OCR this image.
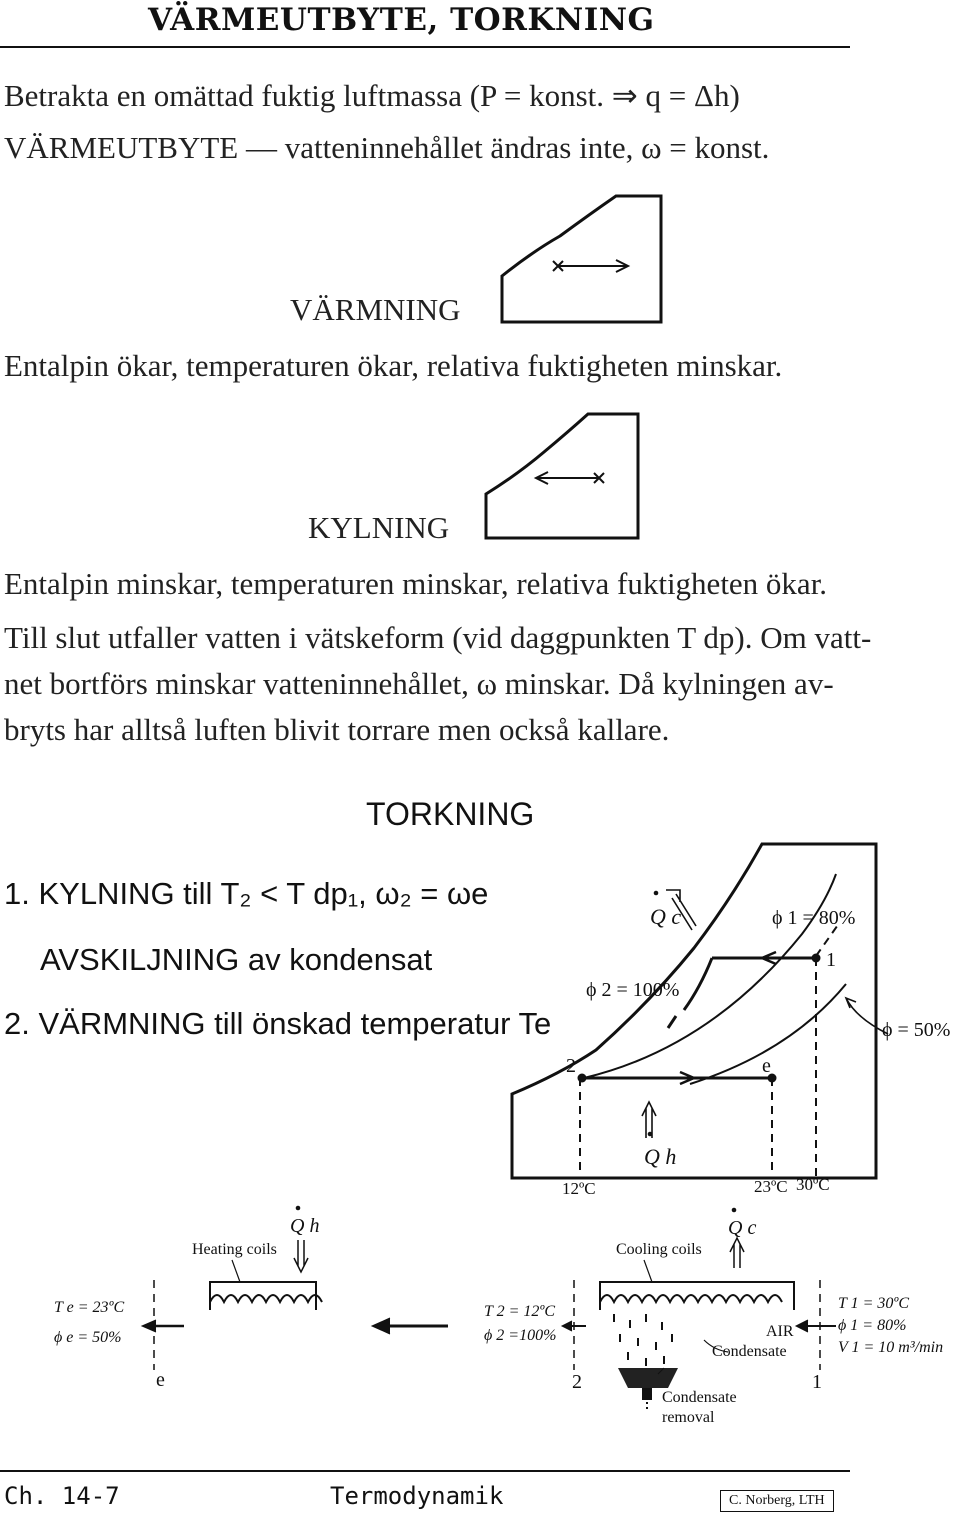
VÄRMEUTBYTE, TORKNING
Betrakta en omättad fuktig luftmassa (P = konst. ⇒ q = Δh)
VÄRMEUTBYTE — vatteninnehållet ändras inte, ω = konst.
VÄRMNING
Entalpin ökar, temperaturen ökar, relativa fuktigheten minskar.
KYLNING
Entalpin minskar, temperaturen minskar, relativa fuktigheten ökar.
Till slut utfaller vatten i vätskeform (vid daggpunkten T dp). Om vatt-
net bortförs minskar vatteninnehållet, ω minskar. Då kylningen av-
bryts har alltså luften blivit torrare men också kallare.
TORKNING
1. KYLNING till T₂ < T dp₁, ω₂ = ωe
AVSKILJNING av kondensat
2. VÄRMNING till önskad temperatur Te
Q c	ϕ 1 = 80%
ϕ 2 = 100%
ϕ = 50%
1
2	e
Q h
12ºC	23ºC 30ºC
Heating coils
Q h
Cooling coils
Q c
T e = 23ºC
ϕ e = 50%
T 2 = 12ºC
ϕ 2 =100%
T 1 = 30ºC
ϕ 1 = 80%
V 1 = 10 m³/min
AIR
Condensate
Condensate
removal
e	2	1
Ch. 14-7	Termodynamik	C. Norberg, LTH
